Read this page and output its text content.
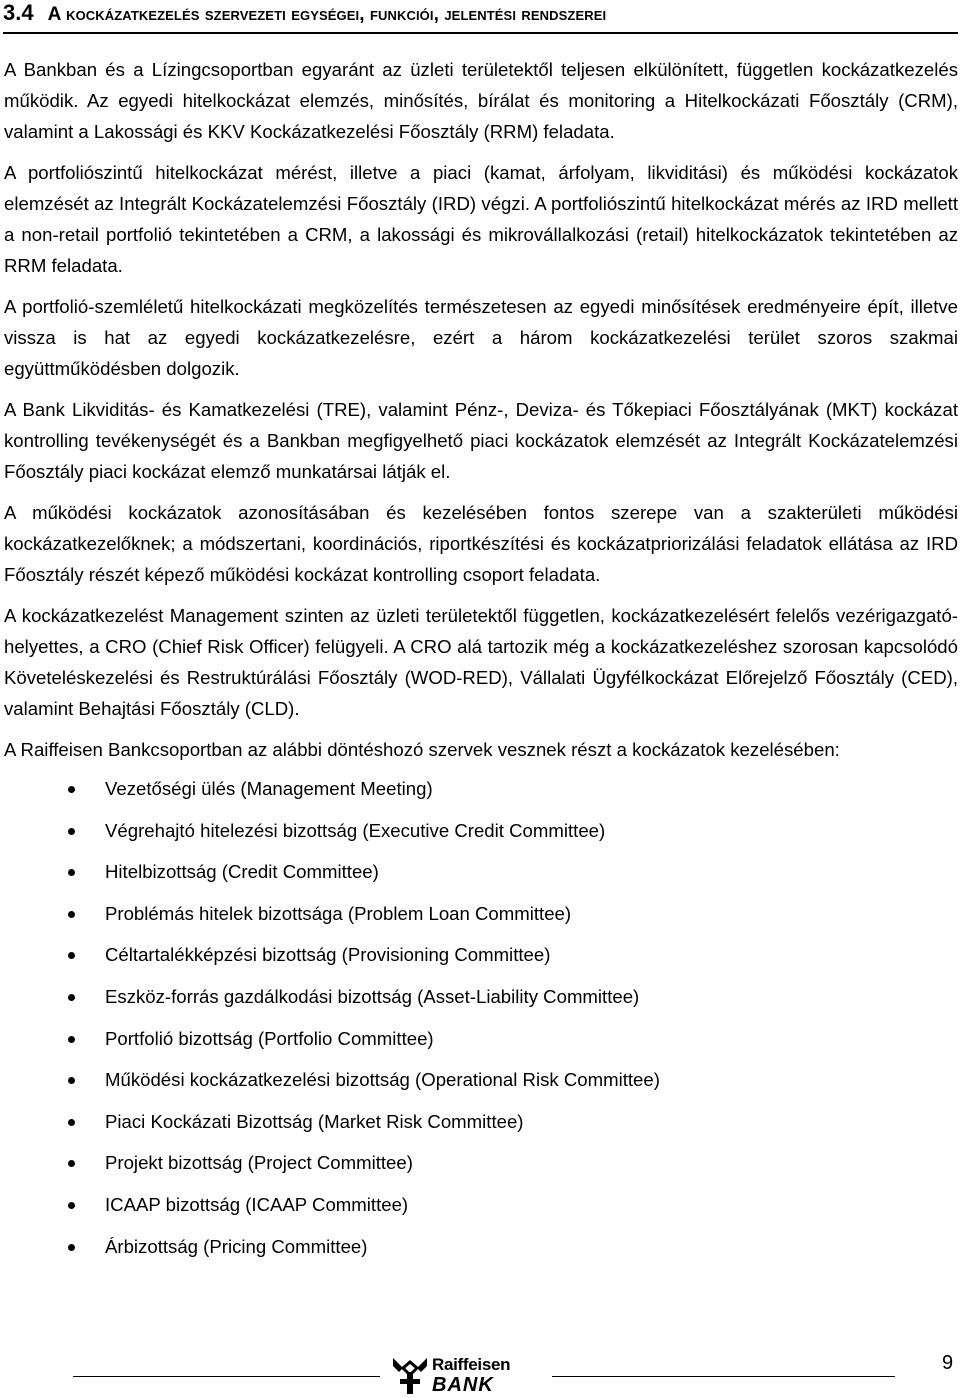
3.4 A kockázatkezelés szervezeti egységei, funkciói, jelentési rendszerei

A Bankban és a Lízingcsoportban egyaránt az üzleti területektől teljesen elkülönített, független kockázatkezelés működik. Az egyedi hitelkockázat elemzés, minősítés, bírálat és monitoring a Hitelkockázati Főosztály (CRM), valamint a Lakossági és KKV Kockázatkezelési Főosztály (RRM) feladata.

A portfoliószintű hitelkockázat mérést, illetve a piaci (kamat, árfolyam, likviditási) és működési kockázatok elemzését az Integrált Kockázatelemzési Főosztály (IRD) végzi. A portfoliószintű hitelkockázat mérés az IRD mellett a non-retail portfolió tekintetében a CRM, a lakossági és mikrovállalkozási (retail) hitelkockázatok tekintetében az RRM feladata.

A portfolió-szemléletű hitelkockázati megközelítés természetesen az egyedi minősítések eredményeire épít, illetve vissza is hat az egyedi kockázatkezelésre, ezért a három kockázatkezelési terület szoros szakmai együttműködésben dolgozik.

A Bank Likviditás- és Kamatkezelési (TRE), valamint Pénz-, Deviza- és Tőkepiaci Főosztályának (MKT) kockázat kontrolling tevékenységét és a Bankban megfigyelhető piaci kockázatok elemzését az Integrált Kockázatelemzési Főosztály piaci kockázat elemző munkatársai látják el.

A működési kockázatok azonosításában és kezelésében fontos szerepe van a szakterületi működési kockázatkezelőknek; a módszertani, koordinációs, riportkészítési és kockázatpriorizálási feladatok ellátása az IRD Főosztály részét képező működési kockázat kontrolling csoport feladata.

A kockázatkezelést Management szinten az üzleti területektől független, kockázatkezelésért felelős vezérigazgató-helyettes, a CRO (Chief Risk Officer) felügyeli. A CRO alá tartozik még a kockázatkezeléshez szorosan kapcsolódó Követeléskezelési és Restruktúrálási Főosztály (WOD-RED), Vállalati Ügyfélkockázat Előrejelző Főosztály (CED), valamint Behajtási Főosztály (CLD).

A Raiffeisen Bankcsoportban az alábbi döntéshozó szervek vesznek részt a kockázatok kezelésében:

Vezetőségi ülés (Management Meeting)
Végrehajtó hitelezési bizottság (Executive Credit Committee)
Hitelbizottság (Credit Committee)
Problémás hitelek bizottsága (Problem Loan Committee)
Céltartalékképzési bizottság (Provisioning Committee)
Eszköz-forrás gazdálkodási bizottság (Asset-Liability Committee)
Portfolió bizottság (Portfolio Committee)
Működési kockázatkezelési bizottság (Operational Risk Committee)
Piaci Kockázati Bizottság (Market Risk Committee)
Projekt bizottság (Project Committee)
ICAAP bizottság (ICAAP Committee)
Árbizottság (Pricing Committee)
Raiffeisen
BANK
9
